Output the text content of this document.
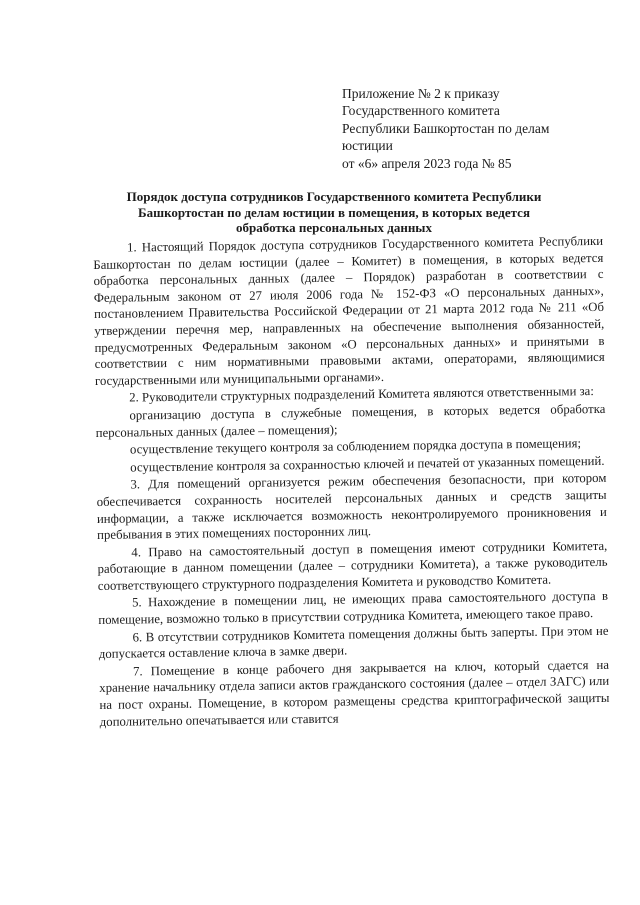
Приложение № 2 к приказу
Государственного комитета
Республики Башкортостан по делам
юстиции
от «6» апреля 2023 года № 85
Порядок доступа сотрудников Государственного комитета Республики
Башкортостан по делам юстиции в помещения, в которых ведется
обработка персональных данных

1. Настоящий Порядок доступа сотрудников Государственного комитета Республики Башкортостан по делам юстиции (далее – Комитет) в помещения, в которых ведется обработка персональных данных (далее – Порядок) разработан в соответствии с Федеральным законом от 27 июля 2006 года № 152-ФЗ «О персональных данных», постановлением Правительства Российской Федерации от 21 марта 2012 года № 211 «Об утверждении перечня мер, направленных на обеспечение выполнения обязанностей, предусмотренных Федеральным законом «О персональных данных» и принятыми в соответствии с ним нормативными правовыми актами, операторами, являющимися государственными или муниципальными органами».

2. Руководители структурных подразделений Комитета являются ответственными за:

организацию доступа в служебные помещения, в которых ведется обработка персональных данных (далее – помещения);

осуществление текущего контроля за соблюдением порядка доступа в помещения;

осуществление контроля за сохранностью ключей и печатей от указанных помещений.

3. Для помещений организуется режим обеспечения безопасности, при котором обеспечивается сохранность носителей персональных данных и средств защиты информации, а также исключается возможность неконтролируемого проникновения и пребывания в этих помещениях посторонних лиц.

4. Право на самостоятельный доступ в помещения имеют сотрудники Комитета, работающие в данном помещении (далее – сотрудники Комитета), а также руководитель соответствующего структурного подразделения Комитета и руководство Комитета.

5. Нахождение в помещении лиц, не имеющих права самостоятельного доступа в помещение, возможно только в присутствии сотрудника Комитета, имеющего такое право.

6. В отсутствии сотрудников Комитета помещения должны быть заперты. При этом не допускается оставление ключа в замке двери.

7. Помещение в конце рабочего дня закрывается на ключ, который сдается на хранение начальнику отдела записи актов гражданского состояния (далее – отдел ЗАГС) или на пост охраны. Помещение, в котором размещены средства криптографической защиты дополнительно опечатывается или ставится
